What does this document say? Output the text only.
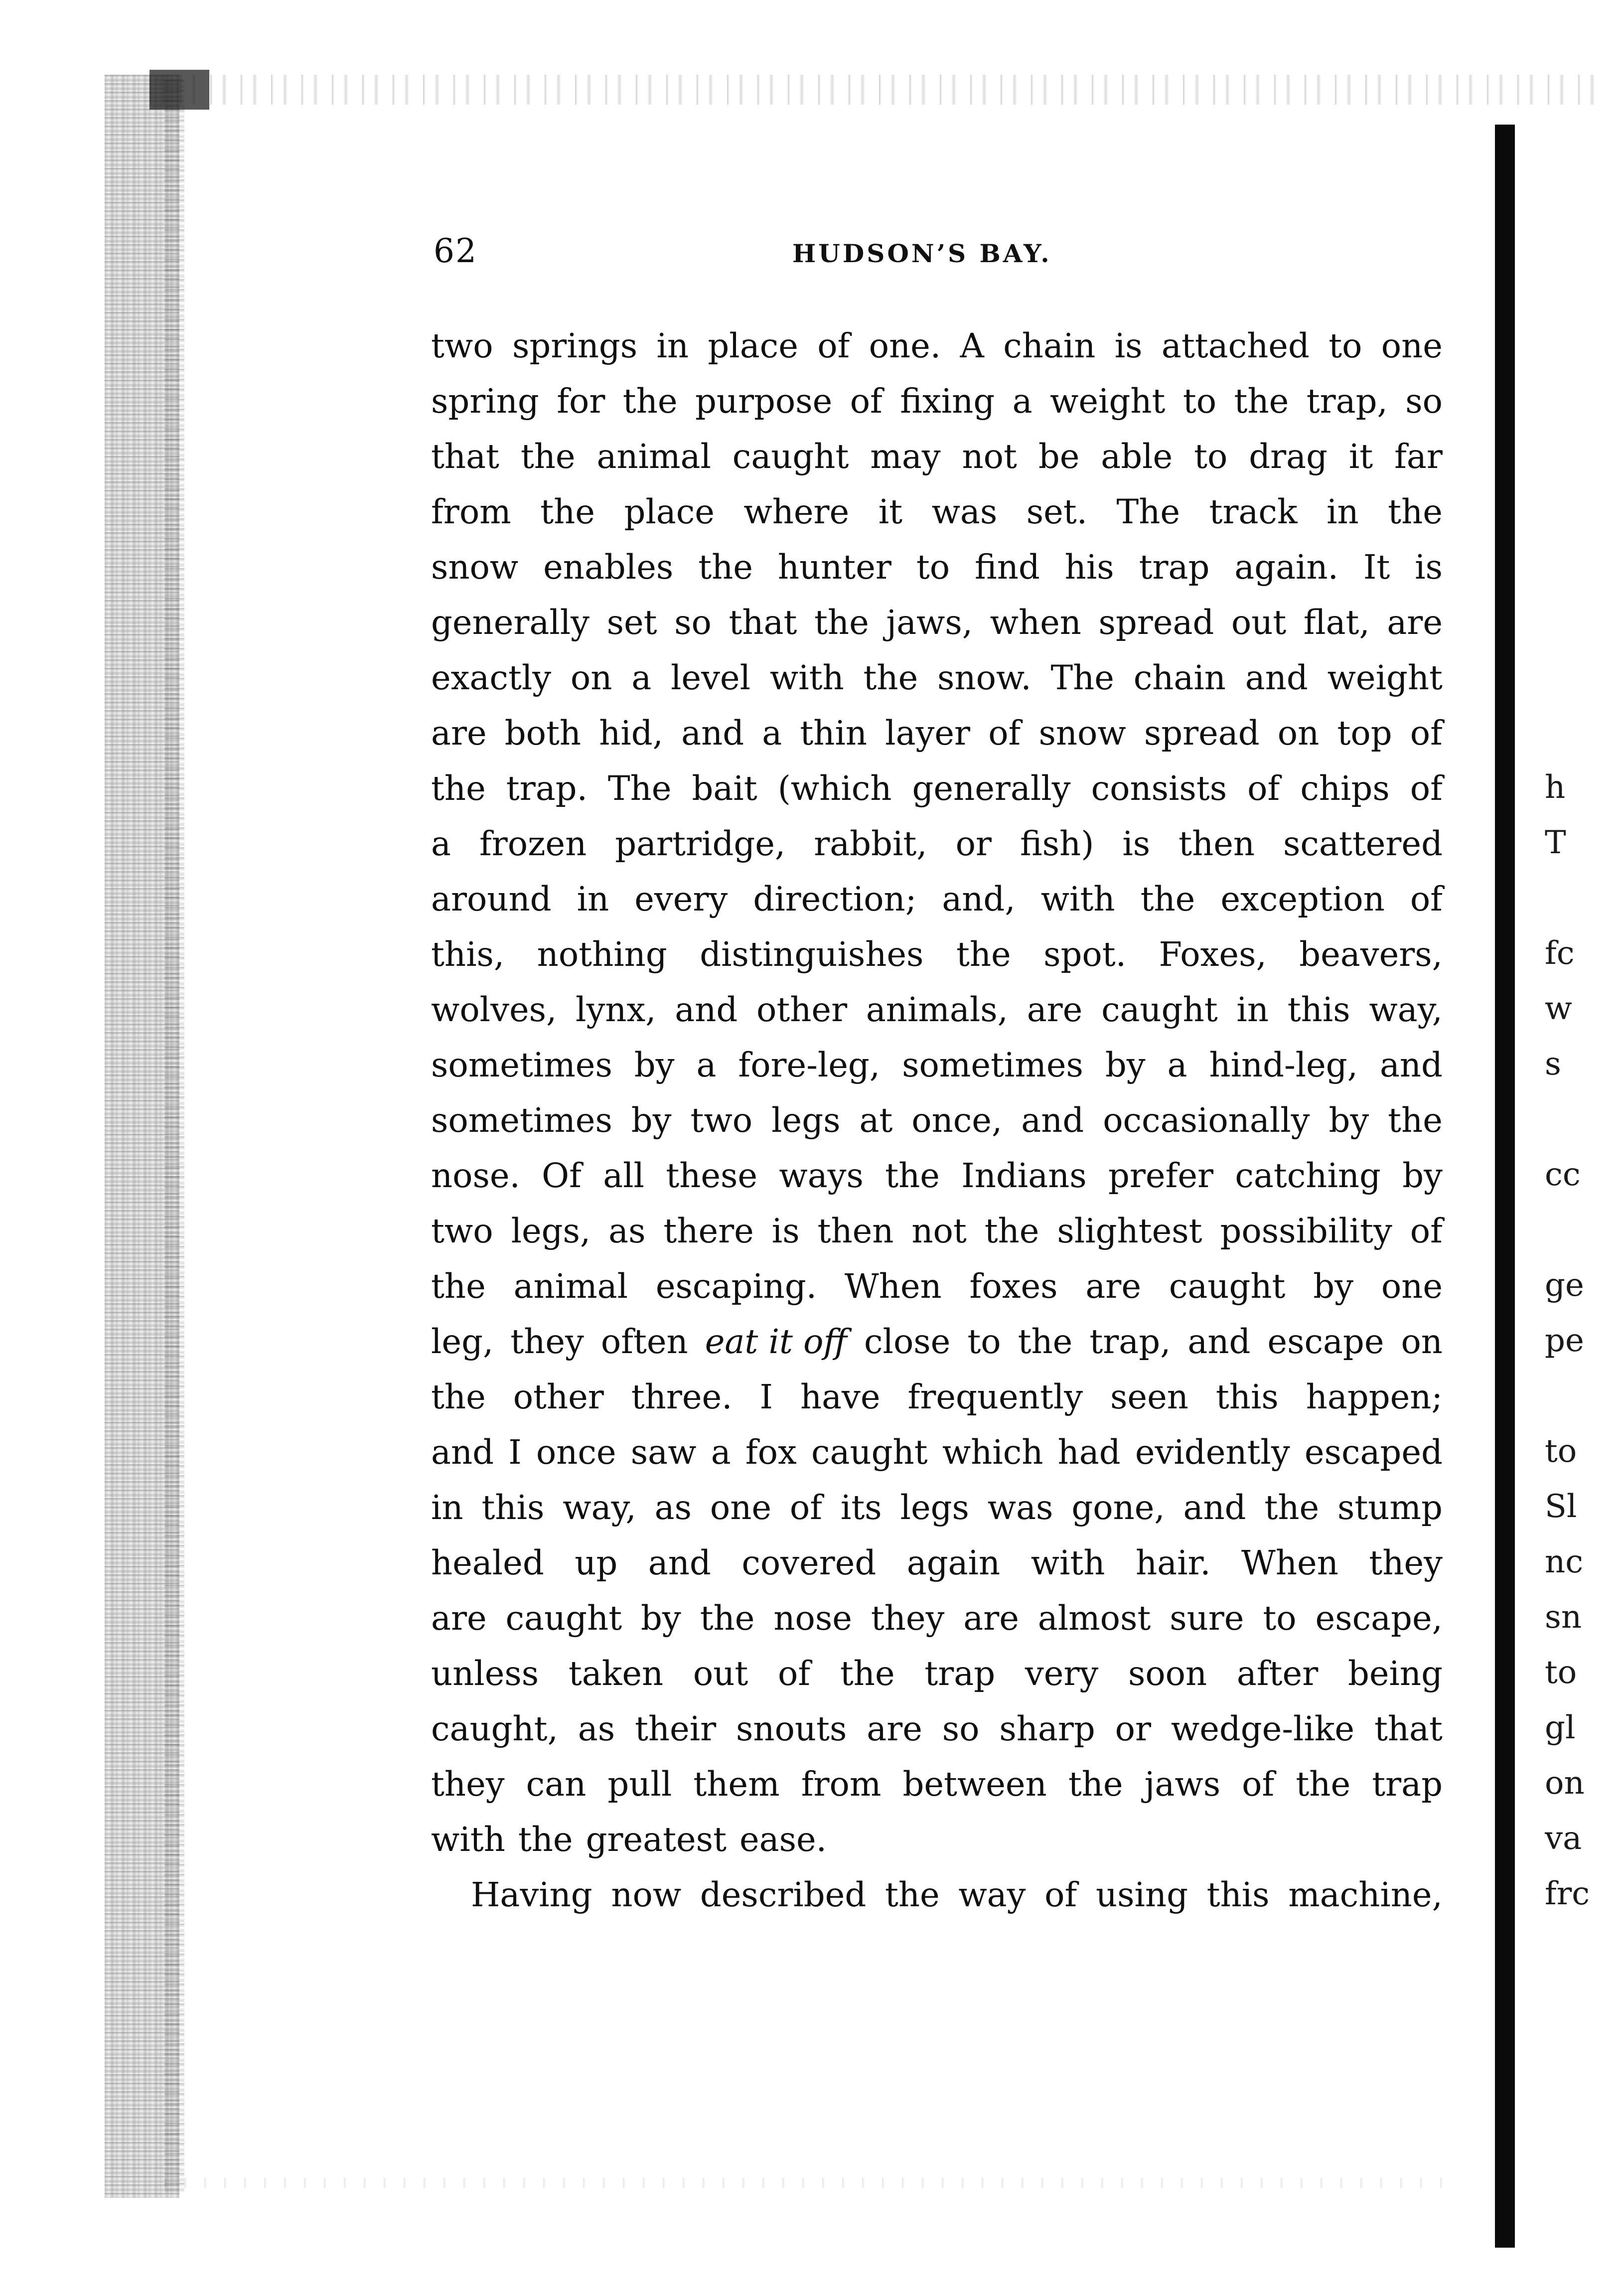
62	HUDSON’S BAY.
two springs in place of one. A chain is attached to one
spring for the purpose of fixing a weight to the trap, so
that the animal caught may not be able to drag it far
from the place where it was set. The track in the
snow enables the hunter to find his trap again. It is
generally set so that the jaws, when spread out flat, are
exactly on a level with the snow. The chain and weight
are both hid, and a thin layer of snow spread on top of
the trap. The bait (which generally consists of chips of
a frozen partridge, rabbit, or fish) is then scattered
around in every direction; and, with the exception of
this, nothing distinguishes the spot. Foxes, beavers,
wolves, lynx, and other animals, are caught in this way,
sometimes by a fore-leg, sometimes by a hind-leg, and
sometimes by two legs at once, and occasionally by the
nose. Of all these ways the Indians prefer catching by
two legs, as there is then not the slightest possibility of
the animal escaping. When foxes are caught by one
leg, they often eat it off close to the trap, and escape on
the other three. I have frequently seen this happen;
and I once saw a fox caught which had evidently escaped
in this way, as one of its legs was gone, and the stump
healed up and covered again with hair. When they
are caught by the nose they are almost sure to escape,
unless taken out of the trap very soon after being
caught, as their snouts are so sharp or wedge-like that
they can pull them from between the jaws of the trap
with the greatest ease.
Having now described the way of using this machine,
h
T
fc
w
s
cc
ge
pe
to
Sl
nc
sn
to
gl
on
va
frc
